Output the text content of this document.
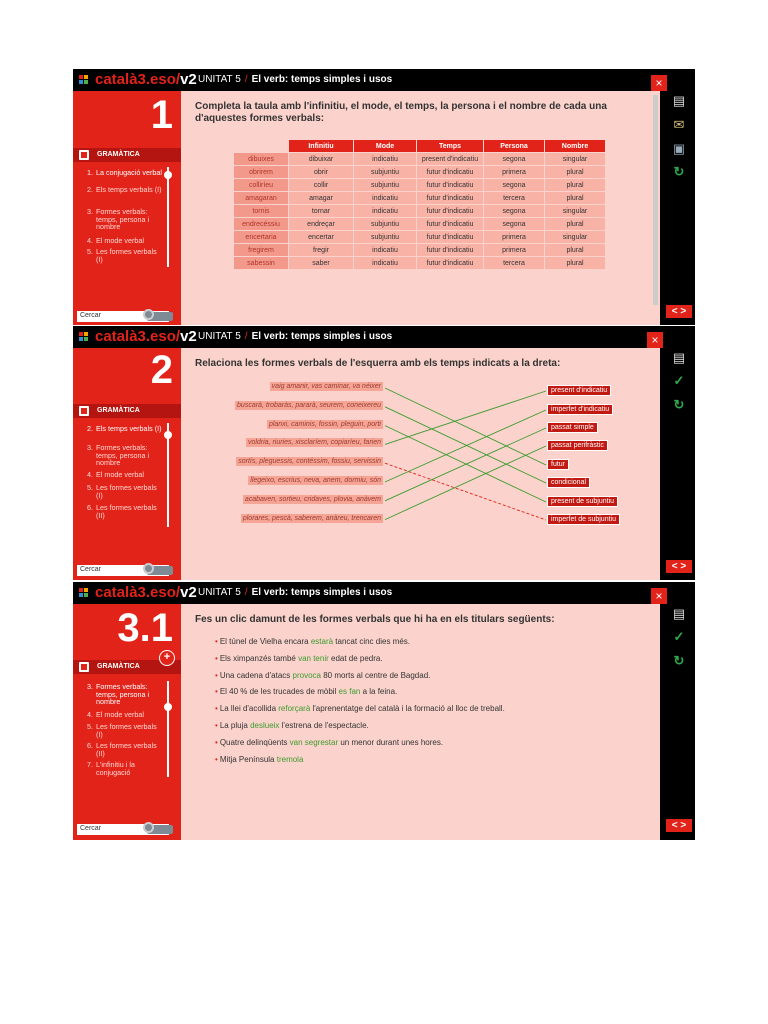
català3.eso/v2 UNITAT 5 / El verb: temps simples i usos
1
GRAMÀTICA
1. La conjugació verbal
2. Els temps verbals (I)
3. Formes verbals: temps, persona i nombre
4. El mode verbal
5. Les formes verbals (I)
Cercar
Completa la taula amb l'infinitiu, el mode, el temps, la persona i el nombre de cada una d'aquestes formes verbals:
	Infinitiu	Mode	Temps	Persona	Nombre
dibuixes	dibuixar	indicatiu	present d'indicatiu	segona	singular
obrirem	obrir	subjuntiu	futur d'indicatiu	primera	plural
colliríeu	collir	subjuntiu	futur d'indicatiu	segona	plural
amagaran	amagar	indicatiu	futur d'indicatiu	tercera	plural
tornis	tornar	indicatiu	futur d'indicatiu	segona	singular
endrecéssiu	endreçar	subjuntiu	futur d'indicatiu	segona	plural
encertaria	encertar	subjuntiu	futur d'indicatiu	primera	singular
fregirem	fregir	indicatiu	futur d'indicatiu	primera	plural
sabessin	saber	indicatiu	futur d'indicatiu	tercera	plural
×
▤
✉
▣
↻
< >
català3.eso/v2 UNITAT 5 / El verb: temps simples i usos
2
GRAMÀTICA
2. Els temps verbals (I)
3. Formes verbals: temps, persona i nombre
4. El mode verbal
5. Les formes verbals (I)
6. Les formes verbals (II)
Cercar
Relaciona les formes verbals de l'esquerra amb els temps indicats a la dreta:
vaig amanir, vas caminar, va néixer
buscarà, trobaràs, pararà, seurem, coneixereu
planxi, caminis, fossin, pleguin, porti
voldria, riuries, xisclaríem, copiaríeu, farien
sortís, pleguessis, contéssim, fossiu, servissin
llegeixo, escrius, neva, anem, dormiu, són
acabaven, sortieu, cridaves, plovia, anàvem
plorares, pescà, saberem, anàreu, trencaren
present d'indicatiu
imperfet d'indicatiu
passat simple
passat perifràstic
futur
condicional
present de subjuntiu
imperfet de subjuntiu
×
▤
✓
↻
< >
català3.eso/v2 UNITAT 5 / El verb: temps simples i usos
3.1
GRAMÀTICA
+
3. Formes verbals: temps, persona i nombre
4. El mode verbal
5. Les formes verbals (I)
6. Les formes verbals (II)
7. L'infinitiu i la conjugació
Cercar
Fes un clic damunt de les formes verbals que hi ha en els titulars següents:
• El túnel de Vielha encara estarà tancat cinc dies més.
• Els ximpanzés també van tenir edat de pedra.
• Una cadena d'atacs provoca 80 morts al centre de Bagdad.
• El 40 % de les trucades de mòbil es fan a la feina.
• La llei d'acollida reforçarà l'aprenentatge del català i la formació al lloc de treball.
• La pluja deslueix l'estrena de l'espectacle.
• Quatre delinqüents van segrestar un menor durant unes hores.
• Mitja Península tremola
×
▤
✓
↻
< >
